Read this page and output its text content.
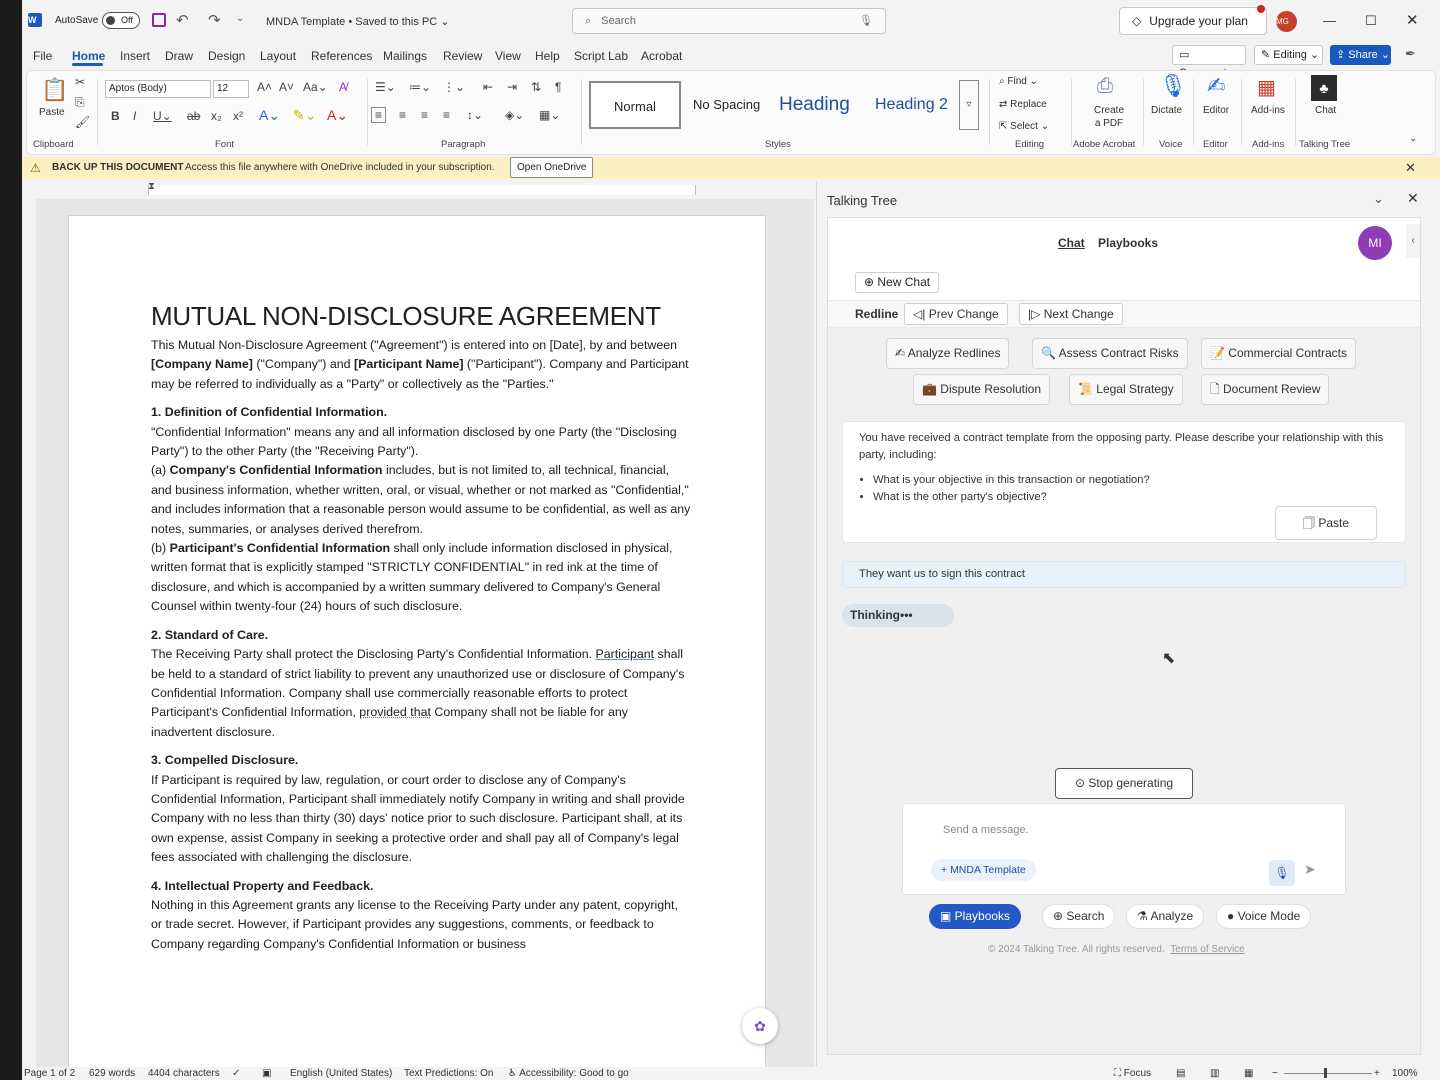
W	AutoSave	Off	↶ ↷ ⌄ MNDA Template • Saved to this PC ⌄	⌕ Search	🎙	◇ Upgrade your plan	MG	— ☐ ✕
File Home Insert Draw Design Layout References Mailings Review View Help Script Lab Acrobat	▭	✎ Editing ⌄	⇪ Share ⌄ ✒
📋
Paste
✂
⎘
🖌
Clipboard
Aptos (Body)	12	A˄ A˅ Aa⌄ A̸
B I U⌄ ab x₂ x² A⌄ ✎⌄ A⌄
Font
☰⌄ ≔⌄ ⋮⌄ ⇤ ⇥ ⇅ ¶
≡	≡ ≡ ≡ ↕⌄ ◈⌄ ▦⌄
Paragraph
Normal	No Spacing Heading	Heading 2	▿
Styles
⌕ Find ⌄
⇄ Replace
⇱ Select ⌄
Editing
⎙
Create
a PDF
Adobe Acrobat
🎙
Dictate
Voice
✍
Editor
Editor
▦
Add-ins
Add-ins
♣
Chat
Talking Tree
⌄
⚠ BACK UP THIS DOCUMENT Access this file anywhere with OneDrive included in your subscription.	Open OneDrive	✕
⧗
MUTUAL NON-DISCLOSURE AGREEMENT

This Mutual Non-Disclosure Agreement ("Agreement") is entered into on [Date], by and between [Company Name] ("Company") and [Participant Name] ("Participant"). Company and Participant may be referred to individually as a "Party" or collectively as the "Parties."

1. Definition of Confidential Information.

"Confidential Information" means any and all information disclosed by one Party (the "Disclosing Party") to the other Party (the "Receiving Party").

(a) Company's Confidential Information includes, but is not limited to, all technical, financial, and business information, whether written, oral, or visual, whether or not marked as "Confidential," and includes information that a reasonable person would assume to be confidential, as well as any notes, summaries, or analyses derived therefrom.

(b) Participant's Confidential Information shall only include information disclosed in physical, written format that is explicitly stamped "STRICTLY CONFIDENTIAL" in red ink at the time of disclosure, and which is accompanied by a written summary delivered to Company's General Counsel within twenty-four (24) hours of such disclosure.

2. Standard of Care.

The Receiving Party shall protect the Disclosing Party's Confidential Information. Participant shall be held to a standard of strict liability to prevent any unauthorized use or disclosure of Company's Confidential Information. Company shall use commercially reasonable efforts to protect Participant's Confidential Information, provided that Company shall not be liable for any inadvertent disclosure.

3. Compelled Disclosure.

If Participant is required by law, regulation, or court order to disclose any of Company's Confidential Information, Participant shall immediately notify Company in writing and shall provide Company with no less than thirty (30) days' notice prior to such disclosure. Participant shall, at its own expense, assist Company in seeking a protective order and shall pay all of Company's legal fees associated with challenging the disclosure.

4. Intellectual Property and Feedback.

Nothing in this Agreement grants any license to the Receiving Party under any patent, copyright, or trade secret. However, if Participant provides any suggestions, comments, or feedback to Company regarding Company's Confidential Information or business

✿
Talking Tree	⌄ ✕
Chat Playbooks	MI	‹
⊕ New Chat
Redline	◁| Prev Change	|▷ Next Change
✍ Analyze Redlines	🔍 Assess Contract Risks	📝 Commercial Contracts
💼 Dispute Resolution	📜 Legal Strategy	🗋 Document Review
You have received a contract template from the opposing party. Please describe your relationship with this party, including:
• What is your objective in this transaction or negotiation?
• What is the other party's objective?
🗍 Paste
They want us to sign this contract
Thinking•••
⬉
⊙ Stop generating
Send a message.
+ MNDA Template	🎙	➤
▣ Playbooks	⊕ Search	⚗ Analyze	● Voice Mode
© 2024 Talking Tree. All rights reserved. Terms of Service
Page 1 of 2 629 words 4404 characters ✓ ▣ English (United States) Text Predictions: On ♿ Accessibility: Good to go	⛶ Focus ▤ ▥ ▦ −	+ 100%
